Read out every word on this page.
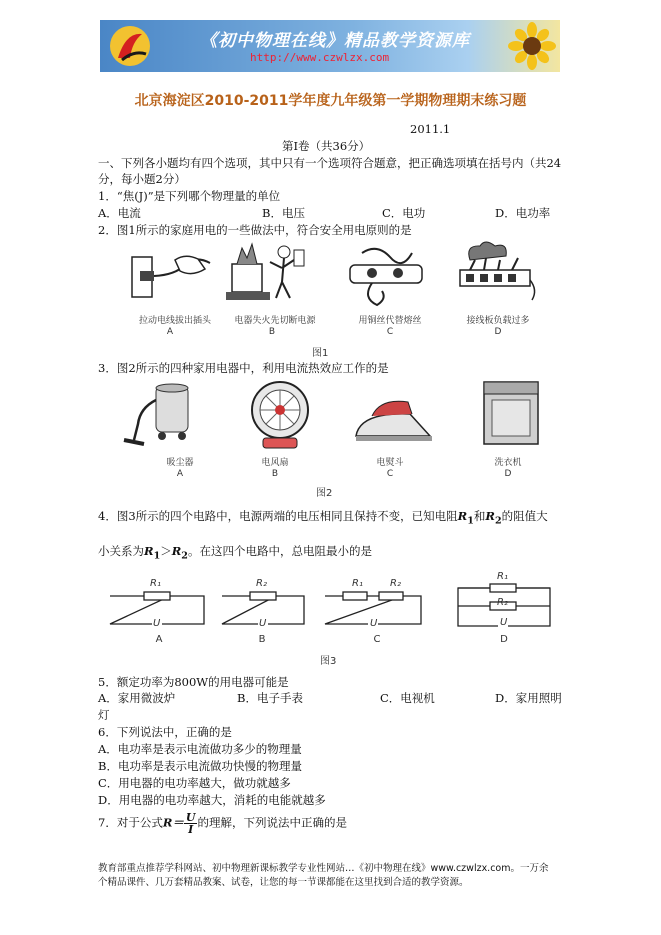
《初中物理在线》精品教学资源库
http://www.czwlzx.com
北京海淀区2010-2011学年度九年级第一学期物理期末练习题
2011.1
第Ⅰ卷（共36分）
一、下列各小题均有四个选项，其中只有一个选项符合题意，把正确选项填在括号内（共24
分，每小题2分）
1．“焦(J)”是下列哪个物理量的单位
A．电流	B．电压	C．电功	D．电功率
2．图1所示的家庭用电的一些做法中，符合安全用电原则的是
拉动电线拔出插头	电器失火先切断电源	用铜丝代替熔丝	接线板负载过多
A	B	C	D
图1
3．图2所示的四种家用电器中，利用电流热效应工作的是
吸尘器	电风扇	电熨斗	洗衣机
A	B	C	D
图2
4．图3所示的四个电路中，电源两端的电压相同且保持不变，已知电阻$R_1$和$R_2$的阻值大
小关系为$R_1>R_2$。在这四个电路中，总电阻最小的是
R₁
U
R₂
U
R₁	R₂
U
R₁
R₂
U
A	B	C	D
图3
5．额定功率为800W的用电器可能是
A．家用微波炉	B．电子手表	C．电视机	D．家用照明
灯
6．下列说法中，正确的是
A．电功率是表示电流做功多少的物理量
B．电功率是表示电流做功快慢的物理量
C．用电器的电功率越大，做功就越多
D．用电器的电功率越大，消耗的电能就越多
7．对于公式$R= \frac{U}{I}$的理解，下列说法中正确的是
教育部重点推荐学科网站、初中物理新课标教学专业性网站…《初中物理在线》www.czwlzx.com。一万余
个精品课件、几万套精品教案、试卷，让您的每一节课都能在这里找到合适的教学资源。
